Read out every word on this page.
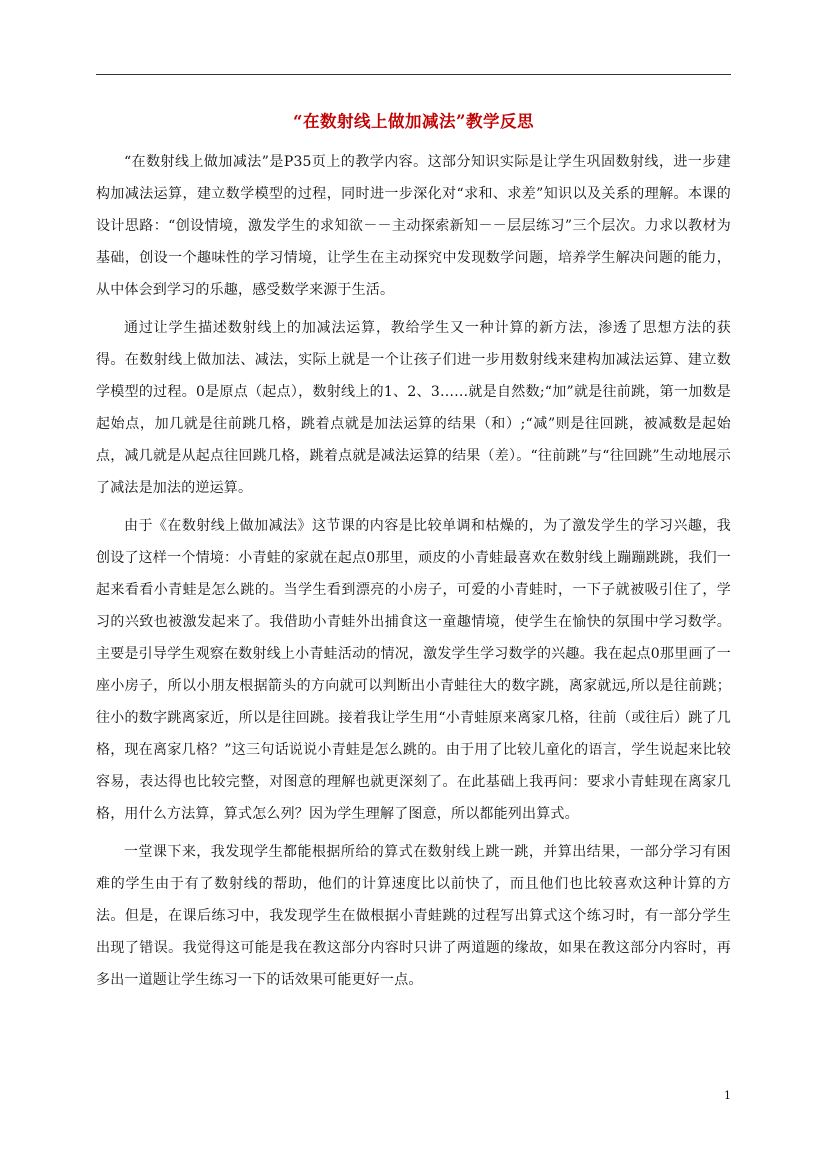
“在数射线上做加减法”教学反思

“在数射线上做加减法”是P35页上的教学内容。这部分知识实际是让学生巩固数射线，进一步建构加减法运算，建立数学模型的过程，同时进一步深化对“求和、求差”知识以及关系的理解。本课的设计思路：“创设情境，激发学生的求知欲－－主动探索新知－－层层练习”三个层次。力求以教材为基础，创设一个趣味性的学习情境，让学生在主动探究中发现数学问题，培养学生解决问题的能力，从中体会到学习的乐趣，感受数学来源于生活。

通过让学生描述数射线上的加减法运算，教给学生又一种计算的新方法，渗透了思想方法的获得。在数射线上做加法、减法，实际上就是一个让孩子们进一步用数射线来建构加减法运算、建立数学模型的过程。0是原点（起点），数射线上的1、2、3……就是自然数;“加”就是往前跳，第一加数是起始点，加几就是往前跳几格，跳着点就是加法运算的结果（和）;“减”则是往回跳，被减数是起始点，减几就是从起点往回跳几格，跳着点就是减法运算的结果（差）。“往前跳”与“往回跳”生动地展示了减法是加法的逆运算。

由于《在数射线上做加减法》这节课的内容是比较单调和枯燥的，为了激发学生的学习兴趣，我创设了这样一个情境：小青蛙的家就在起点0那里，顽皮的小青蛙最喜欢在数射线上蹦蹦跳跳，我们一起来看看小青蛙是怎么跳的。当学生看到漂亮的小房子，可爱的小青蛙时，一下子就被吸引住了，学习的兴致也被激发起来了。我借助小青蛙外出捕食这一童趣情境，使学生在愉快的氛围中学习数学。主要是引导学生观察在数射线上小青蛙活动的情况，激发学生学习数学的兴趣。我在起点0那里画了一座小房子，所以小朋友根据箭头的方向就可以判断出小青蛙往大的数字跳，离家就远,所以是往前跳；往小的数字跳离家近，所以是往回跳。接着我让学生用“小青蛙原来离家几格，往前（或往后）跳了几格，现在离家几格？”这三句话说说小青蛙是怎么跳的。由于用了比较儿童化的语言，学生说起来比较容易，表达得也比较完整，对图意的理解也就更深刻了。在此基础上我再问：要求小青蛙现在离家几格，用什么方法算，算式怎么列？因为学生理解了图意，所以都能列出算式。

一堂课下来，我发现学生都能根据所给的算式在数射线上跳一跳，并算出结果，一部分学习有困难的学生由于有了数射线的帮助，他们的计算速度比以前快了，而且他们也比较喜欢这种计算的方法。但是，在课后练习中，我发现学生在做根据小青蛙跳的过程写出算式这个练习时，有一部分学生出现了错误。我觉得这可能是我在教这部分内容时只讲了两道题的缘故，如果在教这部分内容时，再多出一道题让学生练习一下的话效果可能更好一点。

1
